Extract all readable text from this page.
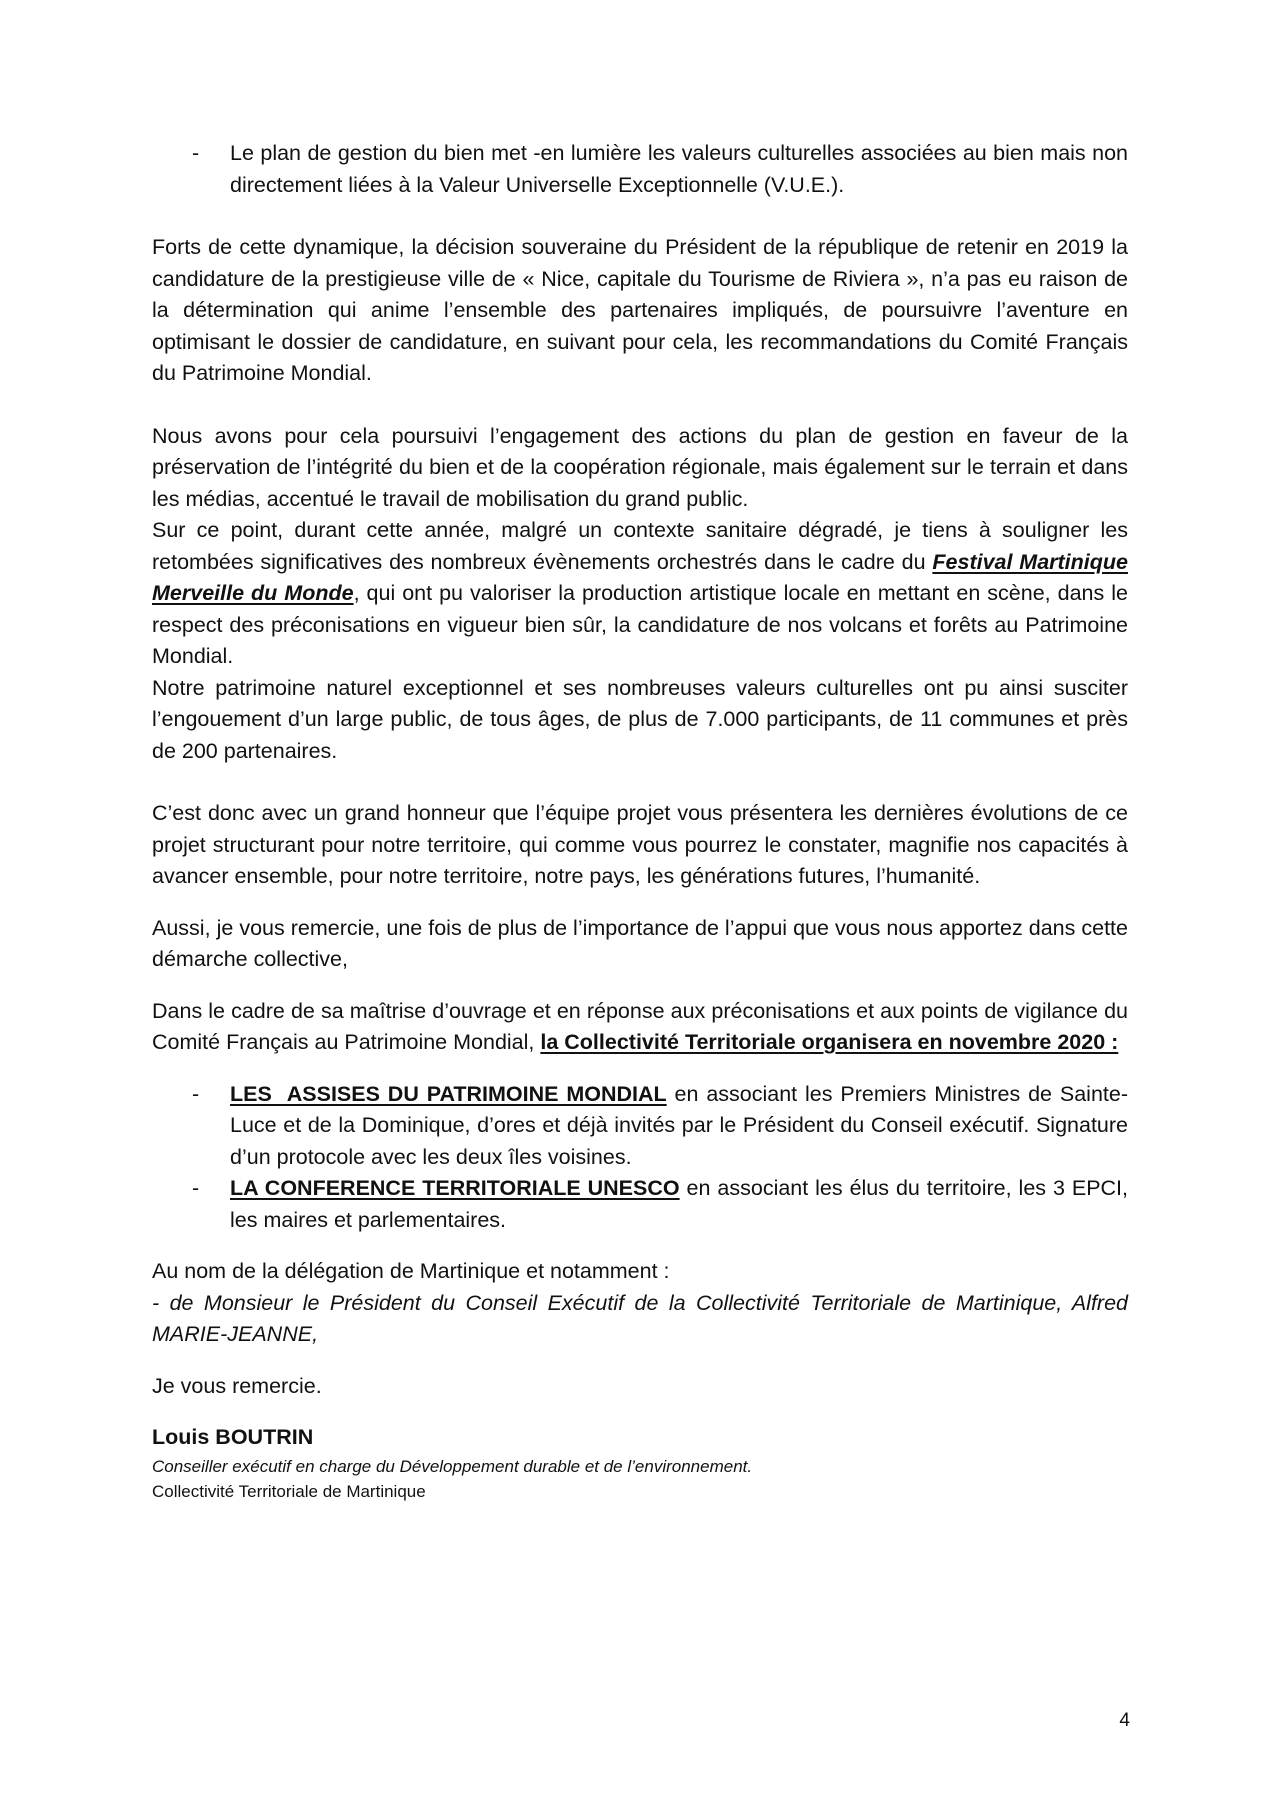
- Le plan de gestion du bien met -en lumière les valeurs culturelles associées au bien mais non directement liées à la Valeur Universelle Exceptionnelle (V.U.E.).

Forts de cette dynamique, la décision souveraine du Président de la république de retenir en 2019 la candidature de la prestigieuse ville de « Nice, capitale du Tourisme de Riviera », n’a pas eu raison de la détermination qui anime l’ensemble des partenaires impliqués, de poursuivre l’aventure en optimisant le dossier de candidature, en suivant pour cela, les recommandations du Comité Français du Patrimoine Mondial.

Nous avons pour cela poursuivi l’engagement des actions du plan de gestion en faveur de la préservation de l’intégrité du bien et de la coopération régionale, mais également sur le terrain et dans les médias, accentué le travail de mobilisation du grand public.

Sur ce point, durant cette année, malgré un contexte sanitaire dégradé, je tiens à souligner les retombées significatives des nombreux évènements orchestrés dans le cadre du Festival Martinique Merveille du Monde, qui ont pu valoriser la production artistique locale en mettant en scène, dans le respect des préconisations en vigueur bien sûr, la candidature de nos volcans et forêts au Patrimoine Mondial.

Notre patrimoine naturel exceptionnel et ses nombreuses valeurs culturelles ont pu ainsi susciter l’engouement d’un large public, de tous âges, de plus de 7.000 participants, de 11 communes et près de 200 partenaires.

C’est donc avec un grand honneur que l’équipe projet vous présentera les dernières évolutions de ce projet structurant pour notre territoire, qui comme vous pourrez le constater, magnifie nos capacités à avancer ensemble, pour notre territoire, notre pays, les générations futures, l’humanité.

Aussi, je vous remercie, une fois de plus de l’importance de l’appui que vous nous apportez dans cette démarche collective,

Dans le cadre de sa maîtrise d’ouvrage et en réponse aux préconisations et aux points de vigilance du Comité Français au Patrimoine Mondial, la Collectivité Territoriale organisera en novembre 2020 :

- LES  ASSISES DU PATRIMOINE MONDIAL en associant les Premiers Ministres de Sainte-Luce et de la Dominique, d’ores et déjà invités par le Président du Conseil exécutif. Signature d’un protocole avec les deux îles voisines.
- LA CONFERENCE TERRITORIALE UNESCO en associant les élus du territoire, les 3 EPCI, les maires et parlementaires.

Au nom de la délégation de Martinique et notamment :

- de Monsieur le Président du Conseil Exécutif de la Collectivité Territoriale de Martinique, Alfred MARIE-JEANNE,

Je vous remercie.

Louis BOUTRIN
Conseiller exécutif en charge du Développement durable et de l’environnement.
Collectivité Territoriale de Martinique
4
